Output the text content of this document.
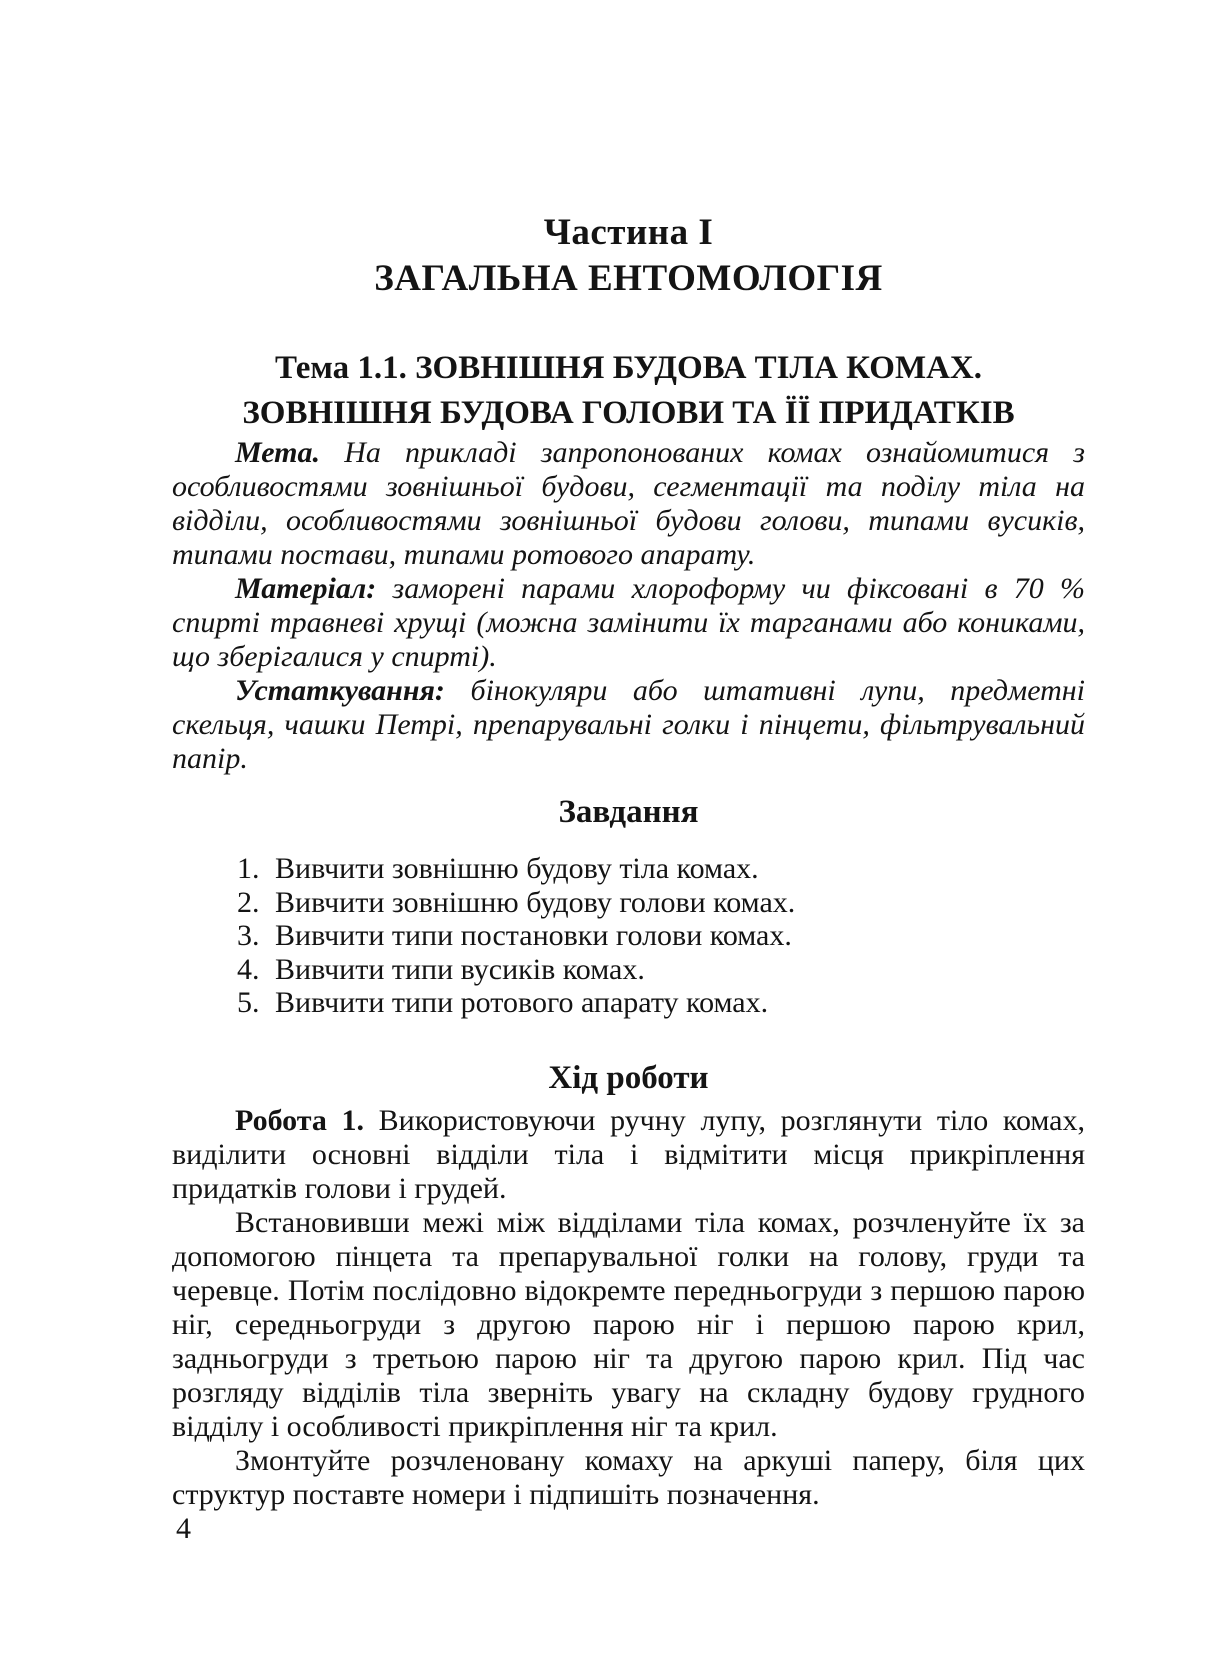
Частина I
ЗАГАЛЬНА ЕНТОМОЛОГІЯ
Тема 1.1. ЗОВНІШНЯ БУДОВА ТІЛА КОМАХ.
ЗОВНІШНЯ БУДОВА ГОЛОВИ ТА ЇЇ ПРИДАТКІВ

Мета. На прикладі запропонованих комах ознайомитися з особливостями зовнішньої будови, сегментації та поділу тіла на відділи, особливостями зовнішньої будови голови, типами вусиків, типами постави, типами ротового апарату.

Матеріал: заморені парами хлороформу чи фіксовані в 70 % спирті травневі хрущі (можна замінити їх тарганами або кониками, що зберігалися у спирті).

Устаткування: бінокуляри або штативні лупи, предметні скельця, чашки Петрі, препарувальні голки і пінцети, фільтрувальний папір.

Завдання
1. Вивчити зовнішню будову тіла комах.
2. Вивчити зовнішню будову голови комах.
3. Вивчити типи постановки голови комах.
4. Вивчити типи вусиків комах.
5. Вивчити типи ротового апарату комах.
Хід роботи

Робота 1. Використовуючи ручну лупу, розглянути тіло комах, виділити основні відділи тіла і відмітити місця прикріплення придатків голови і грудей.

Встановивши межі між відділами тіла комах, розчленуйте їх за допомогою пінцета та препарувальної голки на голову, груди та черевце. Потім послідовно відокремте передньогруди з першою парою ніг, середньогруди з другою парою ніг і першою парою крил, задньогруди з третьою парою ніг та другою парою крил. Під час розгляду відділів тіла зверніть увагу на складну будову грудного відділу і особливості прикріплення ніг та крил.

Змонтуйте розчленовану комаху на аркуші паперу, біля цих структур поставте номери і підпишіть позначення.

4
